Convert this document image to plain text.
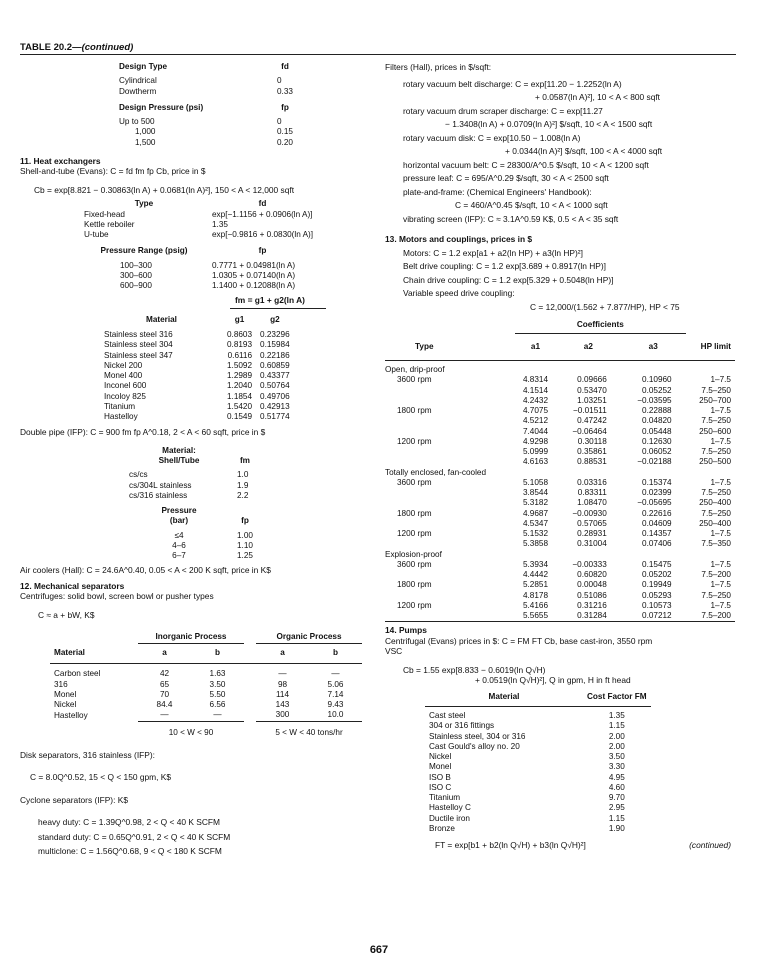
TABLE 20.2—(continued)
Design Type	fd
Cylindrical	0
Dowtherm	0.33
Design Pressure (psi)	fp
Up to 500	0
1,000	0.15
1,500	0.20
11. Heat exchangers
Shell-and-tube (Evans): C = fd fm fp Cb, price in $
Cb = exp[8.821 − 0.30863(ln A) + 0.0681(ln A)²], 150 < A < 12,000 sqft
Type	fd
Fixed-head	exp[−1.1156 + 0.0906(ln A)]
Kettle reboiler	1.35
U-tube	exp[−0.9816 + 0.0830(ln A)]
Pressure Range (psig)	fp
100–300	0.7771 + 0.04981(ln A)
300–600	1.0305 + 0.07140(ln A)
600–900	1.1400 + 0.12088(ln A)
fm = g1 + g2(ln A)
Material	g1	g2
Stainless steel 316	0.8603	0.23296
Stainless steel 304	0.8193	0.15984
Stainless steel 347	0.6116	0.22186
Nickel 200	1.5092	0.60859
Monel 400	1.2989	0.43377
Inconel 600	1.2040	0.50764
Incoloy 825	1.1854	0.49706
Titanium	1.5420	0.42913
Hastelloy	0.1549	0.51774
Double pipe (IFP): C = 900 fm fp A^0.18, 2 < A < 60 sqft, price in $
Material:	
Shell/Tube	fm
cs/cs	1.0
cs/304L stainless	1.9
cs/316 stainless	2.2
Pressure	
(bar)	fp
≤4	1.00
4–6	1.10
6–7	1.25
Air coolers (Hall): C = 24.6A^0.40, 0.05 < A < 200 K sqft, price in K$
12. Mechanical separators
Centrifuges: solid bowl, screen bowl or pusher types
C ≈ a + bW, K$
	Inorganic Process			Organic Process	
Material	a	b		a	b
Carbon steel	42	1.63		—	—
316	65	3.50		98	5.06
Monel	70	5.50		114	7.14
Nickel	84.4	6.56		143	9.43
Hastelloy	—	—		300	10.0
	10 < W < 90			5 < W < 40 tons/hr	
Disk separators, 316 stainless (IFP):
C = 8.0Q^0.52, 15 < Q < 150 gpm, K$
Cyclone separators (IFP): K$
heavy duty: C = 1.39Q^0.98, 2 < Q < 40 K SCFM
standard duty: C = 0.65Q^0.91, 2 < Q < 40 K SCFM
multiclone: C = 1.56Q^0.68, 9 < Q < 180 K SCFM
Filters (Hall), prices in $/sqft:
rotary vacuum belt discharge: C = exp[11.20 − 1.2252(ln A)
+ 0.0587(ln A)²], 10 < A < 800 sqft
rotary vacuum drum scraper discharge: C = exp[11.27
− 1.3408(ln A) + 0.0709(ln A)²] $/sqft, 10 < A < 1500 sqft
rotary vacuum disk: C = exp[10.50 − 1.008(ln A)
+ 0.0344(ln A)²] $/sqft, 100 < A < 4000 sqft
horizontal vacuum belt: C = 28300/A^0.5 $/sqft, 10 < A < 1200 sqft
pressure leaf: C = 695/A^0.29 $/sqft, 30 < A < 2500 sqft
plate-and-frame: (Chemical Engineers' Handbook):
C = 460/A^0.45 $/sqft, 10 < A < 1000 sqft
vibrating screen (IFP): C ≈ 3.1A^0.59 K$, 0.5 < A < 35 sqft
13. Motors and couplings, prices in $
Motors: C = 1.2 exp[a1 + a2(ln HP) + a3(ln HP)²]
Belt drive coupling: C = 1.2 exp[3.689 + 0.8917(ln HP)]
Chain drive coupling: C = 1.2 exp[5.329 + 0.5048(ln HP)]
Variable speed drive coupling:
C = 12,000/(1.562 + 7.877/HP), HP < 75
	Coefficients			
Type	a1	a2	a3	HP limit
Open, drip-proof				
3600 rpm	4.8314	0.09666	0.10960	1–7.5
	4.1514	0.53470	0.05252	7.5–250
	4.2432	1.03251	−0.03595	250–700
1800 rpm	4.7075	−0.01511	0.22888	1–7.5
	4.5212	0.47242	0.04820	7.5–250
	7.4044	−0.06464	0.05448	250–600
1200 rpm	4.9298	0.30118	0.12630	1–7.5
	5.0999	0.35861	0.06052	7.5–250
	4.6163	0.88531	−0.02188	250–500
Totally enclosed, fan-cooled				
3600 rpm	5.1058	0.03316	0.15374	1–7.5
	3.8544	0.83311	0.02399	7.5–250
	5.3182	1.08470	−0.05695	250–400
1800 rpm	4.9687	−0.00930	0.22616	7.5–250
	4.5347	0.57065	0.04609	250–400
1200 rpm	5.1532	0.28931	0.14357	1–7.5
	5.3858	0.31004	0.07406	7.5–350
Explosion-proof				
3600 rpm	5.3934	−0.00333	0.15475	1–7.5
	4.4442	0.60820	0.05202	7.5–200
1800 rpm	5.2851	0.00048	0.19949	1–7.5
	4.8178	0.51086	0.05293	7.5–250
1200 rpm	5.4166	0.31216	0.10573	1–7.5
	5.5655	0.31284	0.07212	7.5–200

14. Pumps
Centrifugal (Evans) prices in $: C = FM FT Cb, base cast-iron, 3550 rpm
VSC
Cb = 1.55 exp[8.833 − 0.6019(ln Q√H)
+ 0.0519(ln Q√H)²], Q in gpm, H in ft head
Material	Cost Factor FM
Cast steel	1.35
304 or 316 fittings	1.15
Stainless steel, 304 or 316	2.00
Cast Gould's alloy no. 20	2.00
Nickel	3.50
Monel	3.30
ISO B	4.95
ISO C	4.60
Titanium	9.70
Hastelloy C	2.95
Ductile iron	1.15
Bronze	1.90
FT = exp[b1 + b2(ln Q√H) + b3(ln Q√H)²]	(continued)
667
